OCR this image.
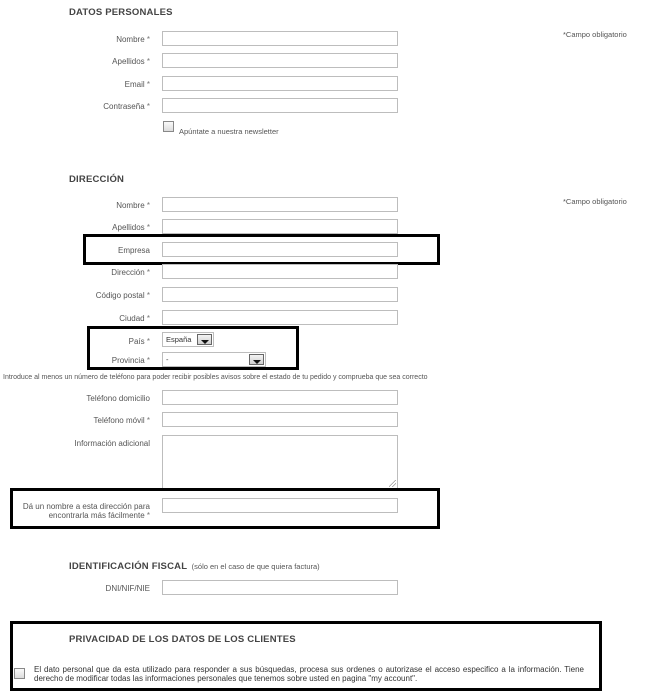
DATOS PERSONALES
*Campo obligatorio
Nombre *
Apellidos *
Email *
Contraseña *
Apúntate a nuestra newsletter
DIRECCIÓN
*Campo obligatorio
Nombre *
Apellidos *
Empresa
Dirección *
Código postal *
Ciudad *
País *	España
Provincia *	-
Introduce al menos un número de teléfono para poder recibir posibles avisos sobre el estado de tu pedido y comprueba que sea correcto
Teléfono domicilio
Teléfono móvil *
Información adicional
Dá un nombre a esta dirección para
encontrarla más fácilmente *
IDENTIFICACIÓN FISCAL (sólo en el caso de que quiera factura)
DNI/NIF/NIE
PRIVACIDAD DE LOS DATOS DE LOS CLIENTES
El dato personal que da esta utilizado para responder a sus búsquedas, procesa sus ordenes o autorizase el acceso especifico a la información. Tiene derecho de modificar todas las informaciones personales que tenemos sobre usted en pagina "my account".
